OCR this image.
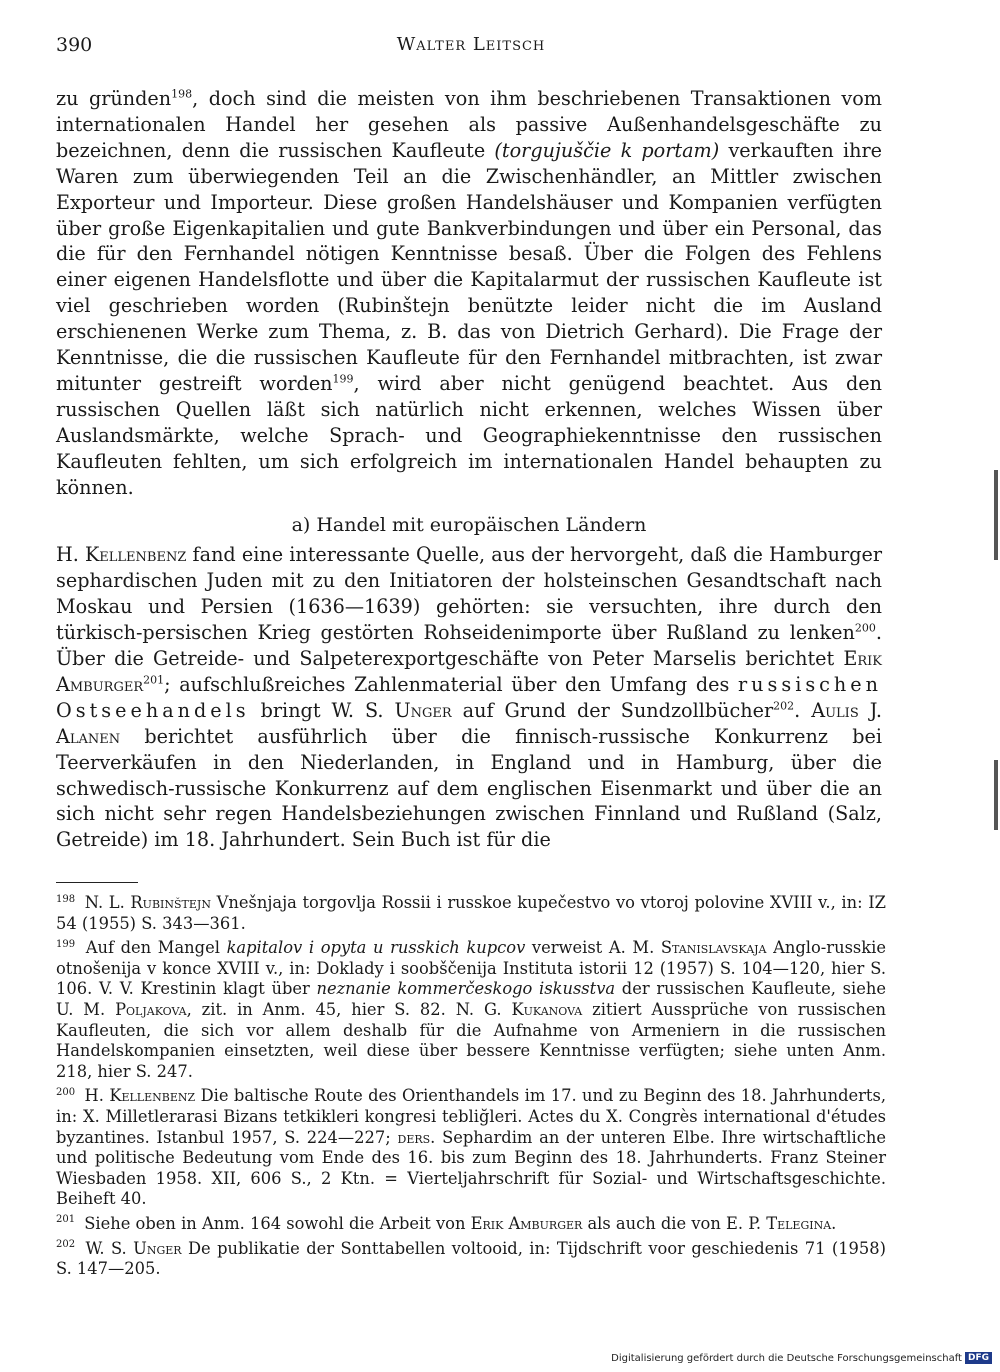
390	Walter Leitsch

zu gründen$^{198}$, doch sind die meisten von ihm beschriebenen Transaktionen vom internationalen Handel her gesehen als passive Außenhandelsgeschäfte zu bezeichnen, denn die russischen Kaufleute (torgujuščie k portam) verkauften ihre Waren zum überwiegenden Teil an die Zwischenhändler, an Mittler zwischen Exporteur und Importeur. Diese großen Handelshäuser und Kompanien verfügten über große Eigenkapitalien und gute Bankverbindungen und über ein Personal, das die für den Fernhandel nötigen Kenntnisse besaß. Über die Folgen des Fehlens einer eigenen Handelsflotte und über die Kapitalarmut der russischen Kaufleute ist viel geschrieben worden (Rubinštejn benützte leider nicht die im Ausland erschienenen Werke zum Thema, z. B. das von Dietrich Gerhard). Die Frage der Kenntnisse, die die russischen Kaufleute für den Fernhandel mitbrachten, ist zwar mitunter gestreift worden$^{199}$, wird aber nicht genügend beachtet. Aus den russischen Quellen läßt sich natürlich nicht erkennen, welches Wissen über Auslandsmärkte, welche Sprach- und Geographiekenntnisse den russischen Kaufleuten fehlten, um sich erfolgreich im internationalen Handel behaupten zu können.

a) Handel mit europäischen Ländern

H. Kellenbenz fand eine interessante Quelle, aus der hervorgeht, daß die Hamburger sephardischen Juden mit zu den Initiatoren der holsteinschen Gesandtschaft nach Moskau und Persien (1636—1639) gehörten: sie versuchten, ihre durch den türkisch-persischen Krieg gestörten Rohseidenimporte über Rußland zu lenken$^{200}$. Über die Getreide- und Salpeterexportgeschäfte von Peter Marselis berichtet Erik Amburger$^{201}$; aufschlußreiches Zahlenmaterial über den Umfang des russischen Ostseehandels bringt W. S. Unger auf Grund der Sundzollbücher$^{202}$. Aulis J. Alanen berichtet ausführlich über die finnisch-russische Konkurrenz bei Teerverkäufen in den Niederlanden, in England und in Hamburg, über die schwedisch-russische Konkurrenz auf dem englischen Eisenmarkt und über die an sich nicht sehr regen Handelsbeziehungen zwischen Finnland und Rußland (Salz, Getreide) im 18. Jahrhundert. Sein Buch ist für die

$^{198}$ N. L. Rubinštejn Vnešnjaja torgovlja Rossii i russkoe kupečestvo vo vtoroj polovine XVIII v., in: IZ 54 (1955) S. 343—361.

$^{199}$ Auf den Mangel kapitalov i opyta u russkich kupcov verweist A. M. Stanislavskaja Anglo-russkie otnošenija v konce XVIII v., in: Doklady i soobščenija Instituta istorii 12 (1957) S. 104—120, hier S. 106. V. V. Krestinin klagt über neznanie kommerčeskogo iskusstva der russischen Kaufleute, siehe U. M. Poljakova, zit. in Anm. 45, hier S. 82. N. G. Kukanova zitiert Aussprüche von russischen Kaufleuten, die sich vor allem deshalb für die Aufnahme von Armeniern in die russischen Handelskompanien einsetzten, weil diese über bessere Kenntnisse verfügten; siehe unten Anm. 218, hier S. 247.

$^{200}$ H. Kellenbenz Die baltische Route des Orienthandels im 17. und zu Beginn des 18. Jahrhunderts, in: X. Milletlerarasi Bizans tetkikleri kongresi tebliğleri. Actes du X. Congrès international d'études byzantines. Istanbul 1957, S. 224—227; ders. Sephardim an der unteren Elbe. Ihre wirtschaftliche und politische Bedeutung vom Ende des 16. bis zum Beginn des 18. Jahrhunderts. Franz Steiner Wiesbaden 1958. XII, 606 S., 2 Ktn. = Vierteljahrschrift für Sozial- und Wirtschaftsgeschichte. Beiheft 40.

$^{201}$ Siehe oben in Anm. 164 sowohl die Arbeit von Erik Amburger als auch die von E. P. Telegina.

$^{202}$ W. S. Unger De publikatie der Sonttabellen voltooid, in: Tijdschrift voor geschiedenis 71 (1958) S. 147—205.

Digitalisierung gefördert durch die Deutsche Forschungsgemeinschaft DFG
